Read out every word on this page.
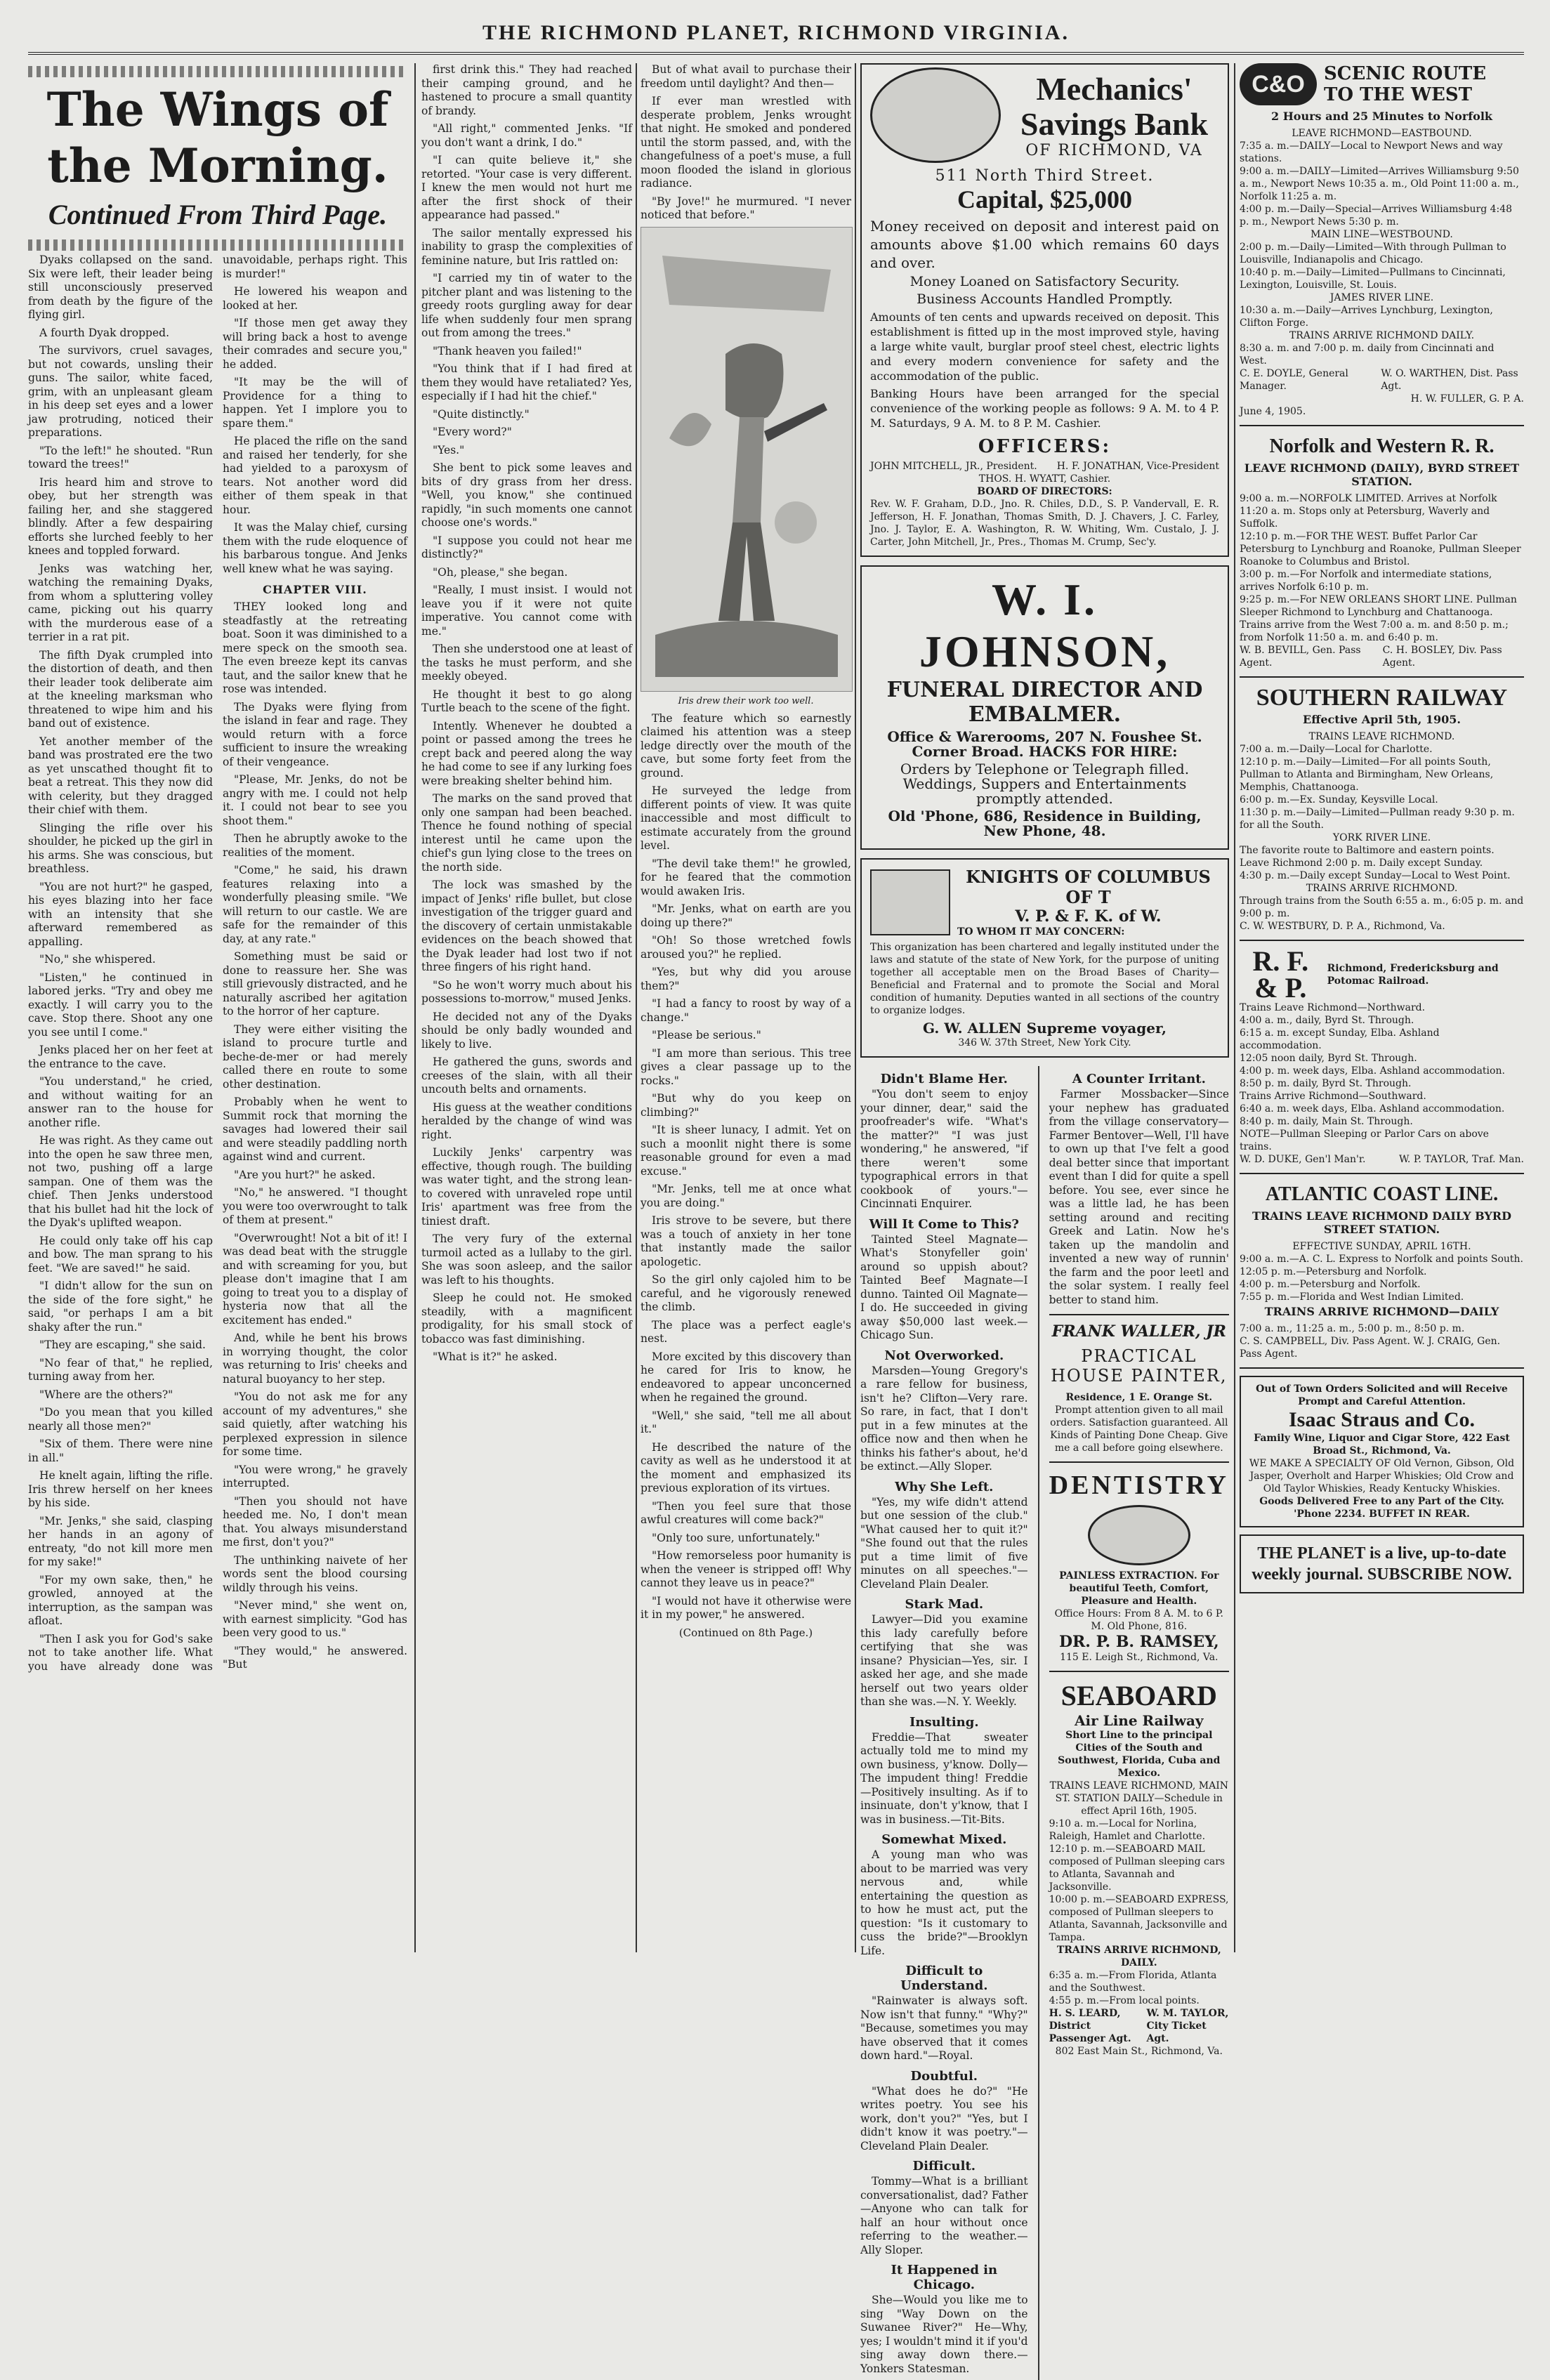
THE RICHMOND PLANET, RICHMOND VIRGINIA.
The Wings of
the Morning.
Continued From Third Page.

Dyaks collapsed on the sand. Six were left, their leader being still unconsciously preserved from death by the figure of the flying girl.

A fourth Dyak dropped.

The survivors, cruel savages, but not cowards, unsling their guns. The sailor, white faced, grim, with an unpleasant gleam in his deep set eyes and a lower jaw protruding, noticed their preparations.

"To the left!" he shouted. "Run toward the trees!"

Iris heard him and strove to obey, but her strength was failing her, and she staggered blindly. After a few despairing efforts she lurched feebly to her knees and toppled forward.

Jenks was watching her, watching the remaining Dyaks, from whom a spluttering volley came, picking out his quarry with the murderous ease of a terrier in a rat pit.

The fifth Dyak crumpled into the distortion of death, and then their leader took deliberate aim at the kneeling marksman who threatened to wipe him and his band out of existence.

Yet another member of the band was prostrated ere the two as yet unscathed thought fit to beat a retreat. This they now did with celerity, but they dragged their chief with them.

Slinging the rifle over his shoulder, he picked up the girl in his arms. She was conscious, but breathless.

"You are not hurt?" he gasped, his eyes blazing into her face with an intensity that she afterward remembered as appalling.

"No," she whispered.

"Listen," he continued in labored jerks. "Try and obey me exactly. I will carry you to the cave. Stop there. Shoot any one you see until I come."

Jenks placed her on her feet at the entrance to the cave.

"You understand," he cried, and without waiting for an answer ran to the house for another rifle.

He was right. As they came out into the open he saw three men, not two, pushing off a large sampan. One of them was the chief. Then Jenks understood that his bullet had hit the lock of the Dyak's uplifted weapon.

He could only take off his cap and bow. The man sprang to his feet. "We are saved!" he said.

"I didn't allow for the sun on the side of the fore sight," he said, "or perhaps I am a bit shaky after the run."

"They are escaping," she said.

"No fear of that," he replied, turning away from her.

"Where are the others?"

"Do you mean that you killed nearly all those men?"

"Six of them. There were nine in all."

He knelt again, lifting the rifle. Iris threw herself on her knees by his side.

"Mr. Jenks," she said, clasping her hands in an agony of entreaty, "do not kill more men for my sake!"

"For my own sake, then," he growled, annoyed at the interruption, as the sampan was afloat.

"Then I ask you for God's sake not to take another life. What you have already done was unavoidable, perhaps right. This is murder!"

He lowered his weapon and looked at her.

"If those men get away they will bring back a host to avenge their comrades and secure you," he added.

"It may be the will of Providence for a thing to happen. Yet I implore you to spare them."

He placed the rifle on the sand and raised her tenderly, for she had yielded to a paroxysm of tears. Not another word did either of them speak in that hour.

It was the Malay chief, cursing them with the rude eloquence of his barbarous tongue. And Jenks well knew what he was saying.

CHAPTER VIII.

THEY looked long and steadfastly at the retreating boat. Soon it was diminished to a mere speck on the smooth sea. The even breeze kept its canvas taut, and the sailor knew that he rose was intended.

The Dyaks were flying from the island in fear and rage. They would return with a force sufficient to insure the wreaking of their vengeance.

"Please, Mr. Jenks, do not be angry with me. I could not help it. I could not bear to see you shoot them."

Then he abruptly awoke to the realities of the moment.

"Come," he said, his drawn features relaxing into a wonderfully pleasing smile. "We will return to our castle. We are safe for the remainder of this day, at any rate."

Something must be said or done to reassure her. She was still grievously distracted, and he naturally ascribed her agitation to the horror of her capture.

They were either visiting the island to procure turtle and beche-de-mer or had merely called there en route to some other destination.

Probably when he went to Summit rock that morning the savages had lowered their sail and were steadily paddling north against wind and current.

"Are you hurt?" he asked.

"No," he answered. "I thought you were too overwrought to talk of them at present."

"Overwrought! Not a bit of it! I was dead beat with the struggle and with screaming for you, but please don't imagine that I am going to treat you to a display of hysteria now that all the excitement has ended."

And, while he bent his brows in worrying thought, the color was returning to Iris' cheeks and natural buoyancy to her step.

"You do not ask me for any account of my adventures," she said quietly, after watching his perplexed expression in silence for some time.

"You were wrong," he gravely interrupted.

"Then you should not have heeded me. No, I don't mean that. You always misunderstand me first, don't you?"

The unthinking naivete of her words sent the blood coursing wildly through his veins.

"Never mind," she went on, with earnest simplicity. "God has been very good to us."

"They would," he answered. "But

first drink this." They had reached their camping ground, and he hastened to procure a small quantity of brandy.

"All right," commented Jenks. "If you don't want a drink, I do."

"I can quite believe it," she retorted. "Your case is very different. I knew the men would not hurt me after the first shock of their appearance had passed."

The sailor mentally expressed his inability to grasp the complexities of feminine nature, but Iris rattled on:

"I carried my tin of water to the pitcher plant and was listening to the greedy roots gurgling away for dear life when suddenly four men sprang out from among the trees."

"Thank heaven you failed!"

"You think that if I had fired at them they would have retaliated? Yes, especially if I had hit the chief."

"Quite distinctly."

"Every word?"

"Yes."

She bent to pick some leaves and bits of dry grass from her dress. "Well, you know," she continued rapidly, "in such moments one cannot choose one's words."

"I suppose you could not hear me distinctly?"

"Oh, please," she began.

"Really, I must insist. I would not leave you if it were not quite imperative. You cannot come with me."

Then she understood one at least of the tasks he must perform, and she meekly obeyed.

He thought it best to go along Turtle beach to the scene of the fight.

Intently. Whenever he doubted a point or passed among the trees he crept back and peered along the way he had come to see if any lurking foes were breaking shelter behind him.

The marks on the sand proved that only one sampan had been beached. Thence he found nothing of special interest until he came upon the chief's gun lying close to the trees on the north side.

The lock was smashed by the impact of Jenks' rifle bullet, but close investigation of the trigger guard and the discovery of certain unmistakable evidences on the beach showed that the Dyak leader had lost two if not three fingers of his right hand.

"So he won't worry much about his possessions to-morrow," mused Jenks.

He decided not any of the Dyaks should be only badly wounded and likely to live.

He gathered the guns, swords and creeses of the slain, with all their uncouth belts and ornaments.

His guess at the weather conditions heralded by the change of wind was right.

Luckily Jenks' carpentry was effective, though rough. The building was water tight, and the strong lean-to covered with unraveled rope until Iris' apartment was free from the tiniest draft.

The very fury of the external turmoil acted as a lullaby to the girl. She was soon asleep, and the sailor was left to his thoughts.

Sleep he could not. He smoked steadily, with a magnificent prodigality, for his small stock of tobacco was fast diminishing.

"What is it?" he asked.

But of what avail to purchase their freedom until daylight? And then—

If ever man wrestled with desperate problem, Jenks wrought that night. He smoked and pondered until the storm passed, and, with the changefulness of a poet's muse, a full moon flooded the island in glorious radiance.

"By Jove!" he murmured. "I never noticed that before."

Iris drew their work too well.

The feature which so earnestly claimed his attention was a steep ledge directly over the mouth of the cave, but some forty feet from the ground.

He surveyed the ledge from different points of view. It was quite inaccessible and most difficult to estimate accurately from the ground level.

"The devil take them!" he growled, for he feared that the commotion would awaken Iris.

"Mr. Jenks, what on earth are you doing up there?"

"Oh! So those wretched fowls aroused you?" he replied.

"Yes, but why did you arouse them?"

"I had a fancy to roost by way of a change."

"Please be serious."

"I am more than serious. This tree gives a clear passage up to the rocks."

"But why do you keep on climbing?"

"It is sheer lunacy, I admit. Yet on such a moonlit night there is some reasonable ground for even a mad excuse."

"Mr. Jenks, tell me at once what you are doing."

Iris strove to be severe, but there was a touch of anxiety in her tone that instantly made the sailor apologetic.

So the girl only cajoled him to be careful, and he vigorously renewed the climb.

The place was a perfect eagle's nest.

More excited by this discovery than he cared for Iris to know, he endeavored to appear unconcerned when he regained the ground.

"Well," she said, "tell me all about it."

He described the nature of the cavity as well as he understood it at the moment and emphasized its previous exploration of its virtues.

"Then you feel sure that those awful creatures will come back?"

"Only too sure, unfortunately."

"How remorseless poor humanity is when the veneer is stripped off! Why cannot they leave us in peace?"

"I would not have it otherwise were it in my power," he answered.

(Continued on 8th Page.)
Mechanics'
Savings Bank
OF RICHMOND, VA
511 North Third Street.
Capital, $25,000
Money received on deposit and interest paid on amounts above $1.00 which remains 60 days and over.
Money Loaned on Satisfactory Security.
Business Accounts Handled Promptly.
Amounts of ten cents and upwards received on deposit. This establishment is fitted up in the most improved style, having a large white vault, burglar proof steel chest, electric lights and every modern convenience for safety and the accommodation of the public.
Banking Hours have been arranged for the special convenience of the working people as follows: 9 A. M. to 4 P. M. Saturdays, 9 A. M. to 8 P. M. Cashier.
OFFICERS:
JOHN MITCHELL, JR., President. H. F. JONATHAN, Vice-President
THOS. H. WYATT, Cashier.
BOARD OF DIRECTORS:
Rev. W. F. Graham, D.D., Jno. R. Chiles, D.D., S. P. Vandervall, E. R. Jefferson, H. F. Jonathan, Thomas Smith, D. J. Chavers, J. C. Farley, Jno. J. Taylor, E. A. Washington, R. W. Whiting, Wm. Custalo, J. J. Carter, John Mitchell, Jr., Pres., Thomas M. Crump, Sec'y.
W. I. JOHNSON,
FUNERAL DIRECTOR AND EMBALMER.
Office & Warerooms, 207 N. Foushee St. Corner Broad. HACKS FOR HIRE:
Orders by Telephone or Telegraph filled. Weddings, Suppers and Entertainments promptly attended.
Old 'Phone, 686, Residence in Building, New Phone, 48.
KNIGHTS OF COLUMBUS OF T
V. P. & F. K. of W.
TO WHOM IT MAY CONCERN:
This organization has been chartered and legally instituted under the laws and statute of the state of New York, for the purpose of uniting together all acceptable men on the Broad Bases of Charity—Beneficial and Fraternal and to promote the Social and Moral condition of humanity. Deputies wanted in all sections of the country to organize lodges.
G. W. ALLEN Supreme voyager,
346 W. 37th Street, New York City.
Didn't Blame Her.

"You don't seem to enjoy your dinner, dear," said the proofreader's wife. "What's the matter?" "I was just wondering," he answered, "if there weren't some typographical errors in that cookbook of yours."—Cincinnati Enquirer.

Will It Come to This?

Tainted Steel Magnate—What's Stonyfeller goin' around so uppish about? Tainted Beef Magnate—I dunno. Tainted Oil Magnate—I do. He succeeded in giving away $50,000 last week.—Chicago Sun.

Not Overworked.

Marsden—Young Gregory's a rare fellow for business, isn't he? Clifton—Very rare. So rare, in fact, that I don't put in a few minutes at the office now and then when he thinks his father's about, he'd be extinct.—Ally Sloper.

Why She Left.

"Yes, my wife didn't attend but one session of the club." "What caused her to quit it?" "She found out that the rules put a time limit of five minutes on all speeches."—Cleveland Plain Dealer.

Stark Mad.

Lawyer—Did you examine this lady carefully before certifying that she was insane? Physician—Yes, sir. I asked her age, and she made herself out two years older than she was.—N. Y. Weekly.

Insulting.

Freddie—That sweater actually told me to mind my own business, y'know. Dolly—The impudent thing! Freddie—Positively insulting. As if to insinuate, don't y'know, that I was in business.—Tit-Bits.

Somewhat Mixed.

A young man who was about to be married was very nervous and, while entertaining the question as to how he must act, put the question: "Is it customary to cuss the bride?"—Brooklyn Life.

Difficult to Understand.

"Rainwater is always soft. Now isn't that funny." "Why?" "Because, sometimes you may have observed that it comes down hard."—Royal.

Doubtful.

"What does he do?" "He writes poetry. You see his work, don't you?" "Yes, but I didn't know it was poetry."—Cleveland Plain Dealer.

Difficult.

Tommy—What is a brilliant conversationalist, dad? Father—Anyone who can talk for half an hour without once referring to the weather.—Ally Sloper.

It Happened in Chicago.

She—Would you like me to sing "Way Down on the Suwanee River?" He—Why, yes; I wouldn't mind it if you'd sing away down there.—Yonkers Statesman.

A Counter Irritant.

Farmer Mossbacker—Since your nephew has graduated from the village conservatory— Farmer Bentover—Well, I'll have to own up that I've felt a good deal better since that important event than I did for quite a spell before. You see, ever since he was a little lad, he has been setting around and reciting Greek and Latin. Now he's taken up the mandolin and invented a new way of runnin' the farm and the poor leetl and the solar system. I really feel better to stand him.

FRANK WALLER, JR
PRACTICAL HOUSE PAINTER,
Residence, 1 E. Orange St.
Prompt attention given to all mail orders. Satisfaction guaranteed. All Kinds of Painting Done Cheap. Give me a call before going elsewhere.
DENTISTRY
PAINLESS EXTRACTION. For beautiful Teeth, Comfort, Pleasure and Health.
Office Hours: From 8 A. M. to 6 P. M. Old Phone, 816.
DR. P. B. RAMSEY,
115 E. Leigh St., Richmond, Va.
SEABOARD
Air Line Railway
Short Line to the principal Cities of the South and Southwest, Florida, Cuba and Mexico.
TRAINS LEAVE RICHMOND, MAIN ST. STATION DAILY—Schedule in effect April 16th, 1905.

9:10 a. m.—Local for Norlina, Raleigh, Hamlet and Charlotte.

12:10 p. m.—SEABOARD MAIL composed of Pullman sleeping cars to Atlanta, Savannah and Jacksonville.

10:00 p. m.—SEABOARD EXPRESS, composed of Pullman sleepers to Atlanta, Savannah, Jacksonville and Tampa.

TRAINS ARRIVE RICHMOND, DAILY.

6:35 a. m.—From Florida, Atlanta and the Southwest.

4:55 p. m.—From local points.

H. S. LEARD, District Passenger Agt.
W. M. TAYLOR, City Ticket Agt.
802 East Main St., Richmond, Va.
C&O	SCENIC ROUTE
TO THE WEST
2 Hours and 25 Minutes to Norfolk
LEAVE RICHMOND—EASTBOUND.

7:35 a. m.—DAILY—Local to Newport News and way stations.

9:00 a. m.—DAILY—Limited—Arrives Williamsburg 9:50 a. m., Newport News 10:35 a. m., Old Point 11:00 a. m., Norfolk 11:25 a. m.

4:00 p. m.—Daily—Special—Arrives Williamsburg 4:48 p. m., Newport News 5:30 p. m.

MAIN LINE—WESTBOUND.

2:00 p. m.—Daily—Limited—With through Pullman to Louisville, Indianapolis and Chicago.

10:40 p. m.—Daily—Limited—Pullmans to Cincinnati, Lexington, Louisville, St. Louis.

JAMES RIVER LINE.

10:30 a. m.—Daily—Arrives Lynchburg, Lexington, Clifton Forge.

TRAINS ARRIVE RICHMOND DAILY.

8:30 a. m. and 7:00 p. m. daily from Cincinnati and West.

C. E. DOYLE, General Manager.
W. O. WARTHEN, Dist. Pass Agt.
H. W. FULLER, G. P. A.
June 4, 1905.
Norfolk and Western R. R.
LEAVE RICHMOND (DAILY), BYRD STREET STATION.

9:00 a. m.—NORFOLK LIMITED. Arrives at Norfolk 11:20 a. m. Stops only at Petersburg, Waverly and Suffolk.

12:10 p. m.—FOR THE WEST. Buffet Parlor Car Petersburg to Lynchburg and Roanoke, Pullman Sleeper Roanoke to Columbus and Bristol.

3:00 p. m.—For Norfolk and intermediate stations, arrives Norfolk 6:10 p. m.

9:25 p. m.—For NEW ORLEANS SHORT LINE. Pullman Sleeper Richmond to Lynchburg and Chattanooga.

Trains arrive from the West 7:00 a. m. and 8:50 p. m.; from Norfolk 11:50 a. m. and 6:40 p. m.

W. B. BEVILL, Gen. Pass Agent.
C. H. BOSLEY, Div. Pass Agent.
SOUTHERN RAILWAY
Effective April 5th, 1905.
TRAINS LEAVE RICHMOND.

7:00 a. m.—Daily—Local for Charlotte.

12:10 p. m.—Daily—Limited—For all points South, Pullman to Atlanta and Birmingham, New Orleans, Memphis, Chattanooga.

6:00 p. m.—Ex. Sunday, Keysville Local.

11:30 p. m.—Daily—Limited—Pullman ready 9:30 p. m. for all the South.

YORK RIVER LINE.

The favorite route to Baltimore and eastern points. Leave Richmond 2:00 p. m. Daily except Sunday.

4:30 p. m.—Daily except Sunday—Local to West Point.

TRAINS ARRIVE RICHMOND.

Through trains from the South 6:55 a. m., 6:05 p. m. and 9:00 p. m.

C. W. WESTBURY, D. P. A., Richmond, Va.
R. F. & P.
Richmond, Fredericksburg and Potomac Railroad.

Trains Leave Richmond—Northward.

4:00 a. m., daily, Byrd St. Through.

6:15 a. m. except Sunday, Elba. Ashland accommodation.

12:05 noon daily, Byrd St. Through.

4:00 p. m. week days, Elba. Ashland accommodation.

8:50 p. m. daily, Byrd St. Through.

Trains Arrive Richmond—Southward.

6:40 a. m. week days, Elba. Ashland accommodation.

8:40 p. m. daily, Main St. Through.

NOTE—Pullman Sleeping or Parlor Cars on above trains.

W. D. DUKE, Gen'l Man'r.	W. P. TAYLOR, Traf. Man.
ATLANTIC COAST LINE.
TRAINS LEAVE RICHMOND DAILY BYRD STREET STATION.
EFFECTIVE SUNDAY, APRIL 16TH.

9:00 a. m.—A. C. L. Express to Norfolk and points South.

12:05 p. m.—Petersburg and Norfolk.

4:00 p. m.—Petersburg and Norfolk.

7:55 p. m.—Florida and West Indian Limited.

TRAINS ARRIVE RICHMOND—DAILY

7:00 a. m., 11:25 a. m., 5:00 p. m., 8:50 p. m.

C. S. CAMPBELL, Div. Pass Agent. W. J. CRAIG, Gen. Pass Agent.
Out of Town Orders Solicited and will Receive Prompt and Careful Attention.
Isaac Straus and Co.
Family Wine, Liquor and Cigar Store, 422 East Broad St., Richmond, Va.
WE MAKE A SPECIALTY OF Old Vernon, Gibson, Old Jasper, Overholt and Harper Whiskies; Old Crow and Old Taylor Whiskies, Ready Kentucky Whiskies.
Goods Delivered Free to any Part of the City. 'Phone 2234. BUFFET IN REAR.
THE PLANET is a live, up-to-date weekly journal. SUBSCRIBE NOW.
